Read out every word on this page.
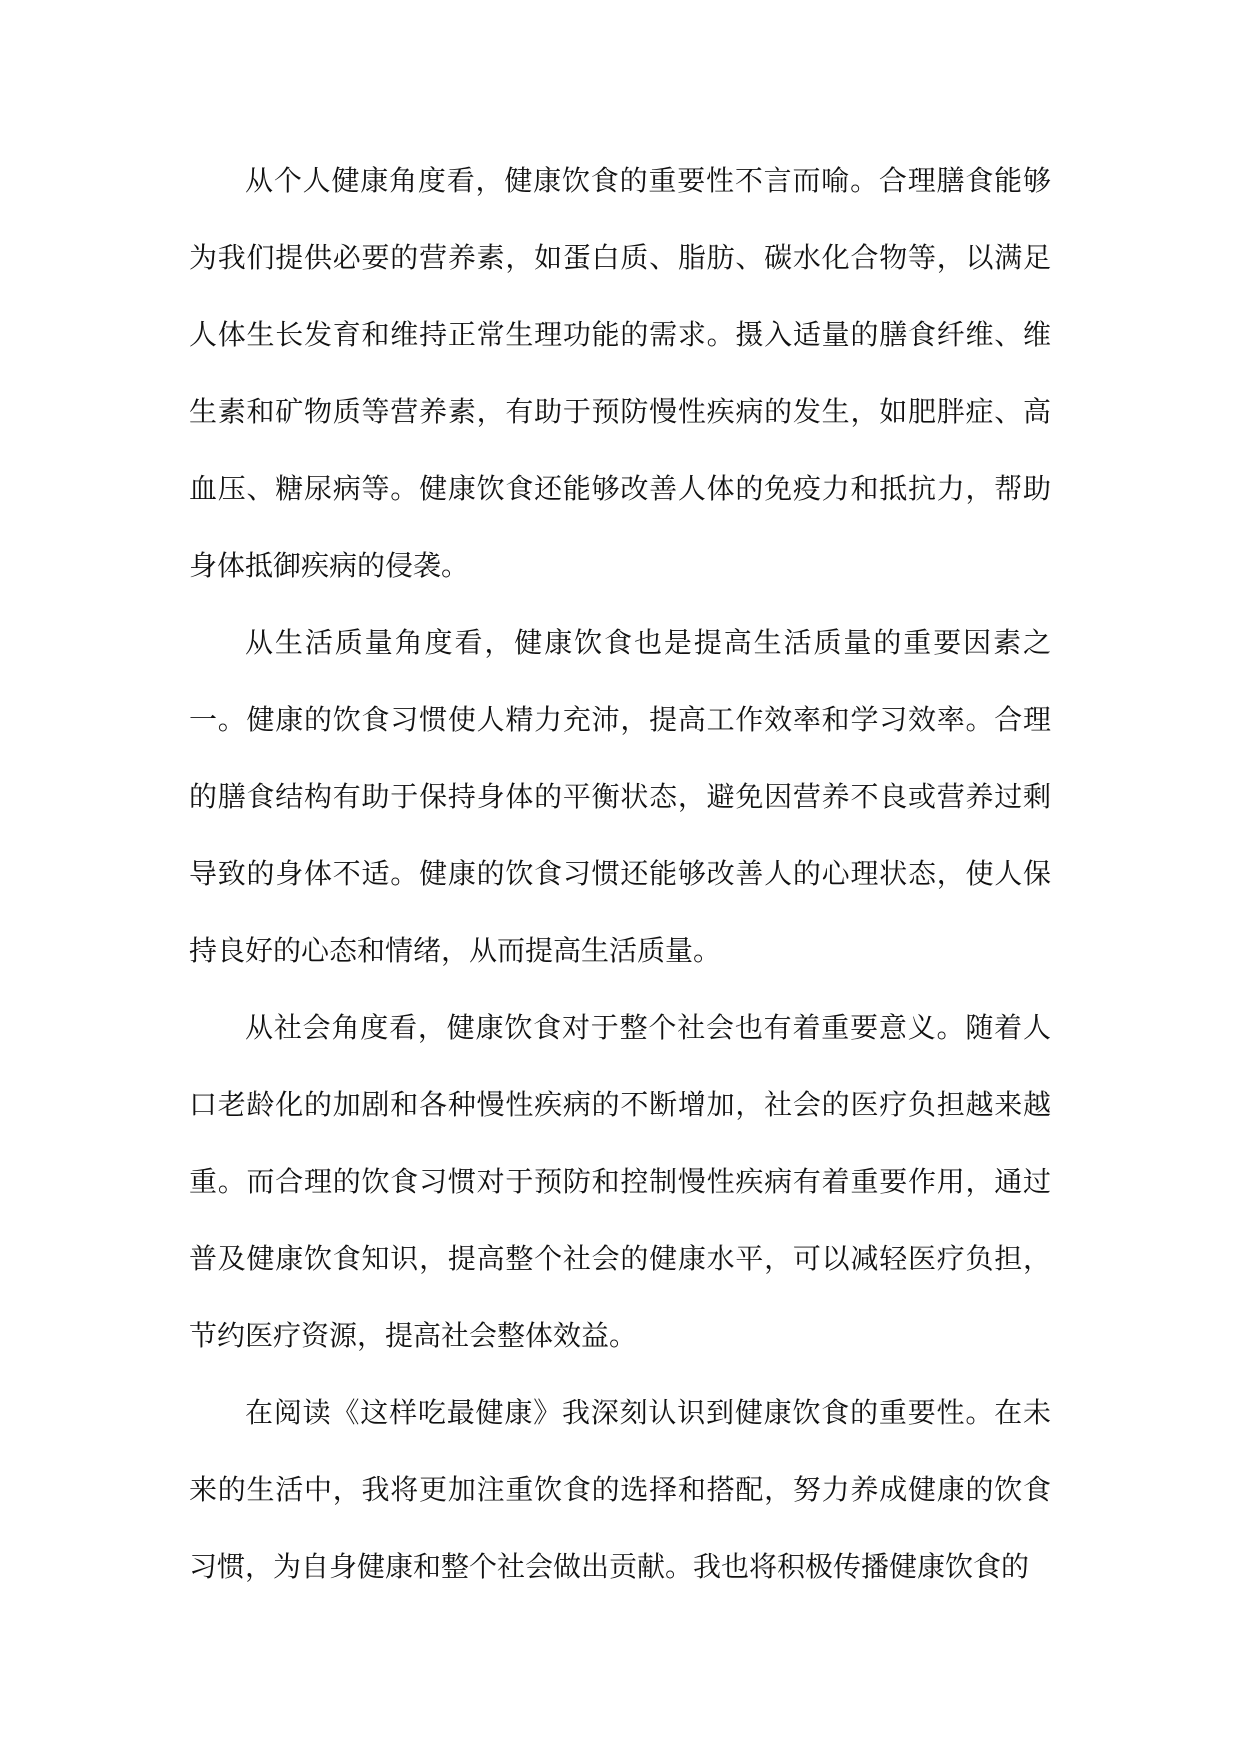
从个人健康角度看，健康饮食的重要性不言而喻。合理膳食能够为我们提供必要的营养素，如蛋白质、脂肪、碳水化合物等，以满足人体生长发育和维持正常生理功能的需求。摄入适量的膳食纤维、维生素和矿物质等营养素，有助于预防慢性疾病的发生，如肥胖症、高血压、糖尿病等。健康饮食还能够改善人体的免疫力和抵抗力，帮助身体抵御疾病的侵袭。

从生活质量角度看，健康饮食也是提高生活质量的重要因素之一。健康的饮食习惯使人精力充沛，提高工作效率和学习效率。合理的膳食结构有助于保持身体的平衡状态，避免因营养不良或营养过剩导致的身体不适。健康的饮食习惯还能够改善人的心理状态，使人保持良好的心态和情绪，从而提高生活质量。

从社会角度看，健康饮食对于整个社会也有着重要意义。随着人口老龄化的加剧和各种慢性疾病的不断增加，社会的医疗负担越来越重。而合理的饮食习惯对于预防和控制慢性疾病有着重要作用，通过普及健康饮食知识，提高整个社会的健康水平，可以减轻医疗负担，节约医疗资源，提高社会整体效益。

在阅读《这样吃最健康》我深刻认识到健康饮食的重要性。在未来的生活中，我将更加注重饮食的选择和搭配，努力养成健康的饮食习惯，为自身健康和整个社会做出贡献。我也将积极传播健康饮食的
